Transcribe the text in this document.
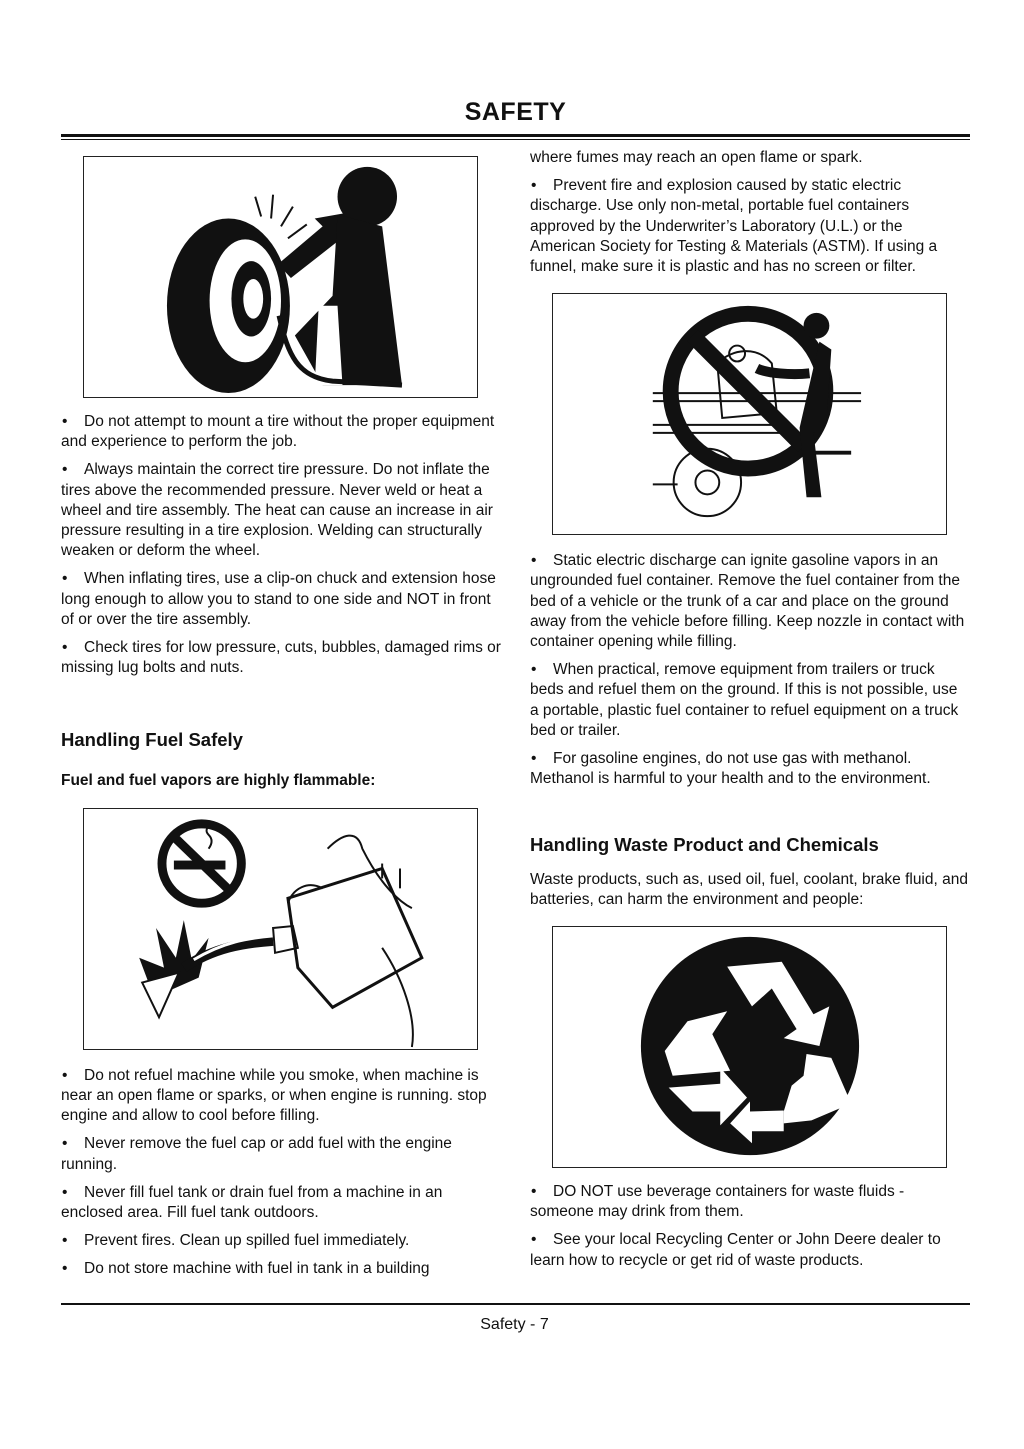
SAFETY
• Do not attempt to mount a tire without the proper equipment and experience to perform the job.
• Always maintain the correct tire pressure. Do not inflate the tires above the recommended pressure. Never weld or heat a wheel and tire assembly. The heat can cause an increase in air pressure resulting in a tire explosion. Welding can structurally weaken or deform the wheel.
• When inflating tires, use a clip-on chuck and extension hose long enough to allow you to stand to one side and NOT in front of or over the tire assembly.
• Check tires for low pressure, cuts, bubbles, damaged rims or missing lug bolts and nuts.
Handling Fuel Safely
Fuel and fuel vapors are highly flammable:
• Do not refuel machine while you smoke, when machine is near an open flame or sparks, or when engine is running. stop engine and allow to cool before filling.
• Never remove the fuel cap or add fuel with the engine running.
• Never fill fuel tank or drain fuel from a machine in an enclosed area. Fill fuel tank outdoors.
• Prevent fires. Clean up spilled fuel immediately.
• Do not store machine with fuel in tank in a building

where fumes may reach an open flame or spark.

• Prevent fire and explosion caused by static electric discharge. Use only non-metal, portable fuel containers approved by the Underwriter’s Laboratory (U.L.) or the American Society for Testing & Materials (ASTM). If using a funnel, make sure it is plastic and has no screen or filter.
• Static electric discharge can ignite gasoline vapors in an ungrounded fuel container. Remove the fuel container from the bed of a vehicle or the trunk of a car and place on the ground away from the vehicle before filling. Keep nozzle in contact with container opening while filling.
• When practical, remove equipment from trailers or truck beds and refuel them on the ground. If this is not possible, use a portable, plastic fuel container to refuel equipment on a truck bed or trailer.
• For gasoline engines, do not use gas with methanol. Methanol is harmful to your health and to the environment.
Handling Waste Product and Chemicals

Waste products, such as, used oil, fuel, coolant, brake fluid, and batteries, can harm the environment and people:

• DO NOT use beverage containers for waste fluids - someone may drink from them.
• See your local Recycling Center or John Deere dealer to learn how to recycle or get rid of waste products.
Safety - 7
